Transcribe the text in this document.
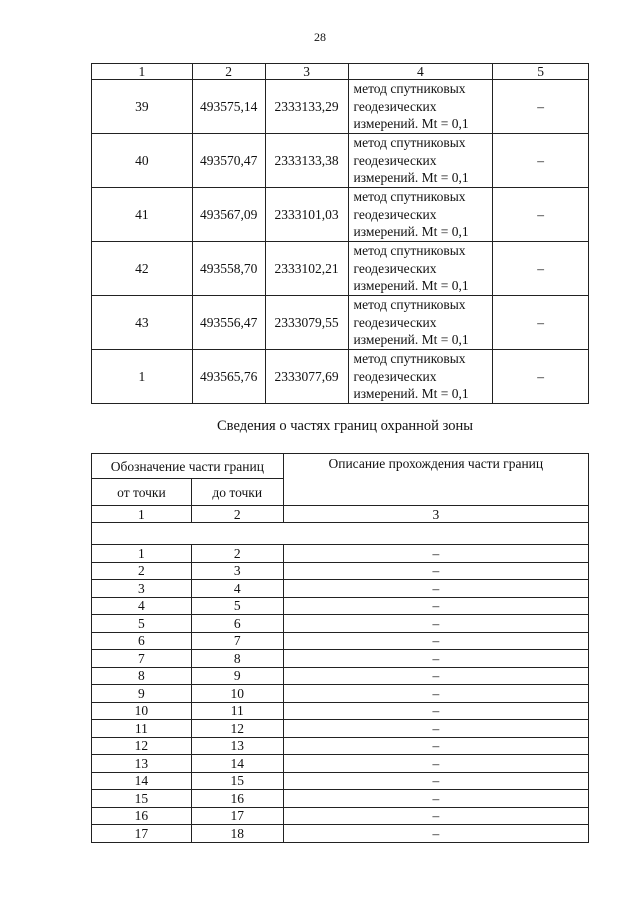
28
1	2	3	4	5
39	493575,14	2333133,29	метод спутниковых
геодезических
измерений. Mt = 0,1	–
40	493570,47	2333133,38	метод спутниковых
геодезических
измерений. Mt = 0,1	–
41	493567,09	2333101,03	метод спутниковых
геодезических
измерений. Mt = 0,1	–
42	493558,70	2333102,21	метод спутниковых
геодезических
измерений. Mt = 0,1	–
43	493556,47	2333079,55	метод спутниковых
геодезических
измерений. Mt = 0,1	–
1	493565,76	2333077,69	метод спутниковых
геодезических
измерений. Mt = 0,1	–
Сведения о частях границ охранной зоны
Обозначение части границ		Описание прохождения части границ
от точки	до точки	
1	2	3

1	2	–
2	3	–
3	4	–
4	5	–
5	6	–
6	7	–
7	8	–
8	9	–
9	10	–
10	11	–
11	12	–
12	13	–
13	14	–
14	15	–
15	16	–
16	17	–
17	18	–
